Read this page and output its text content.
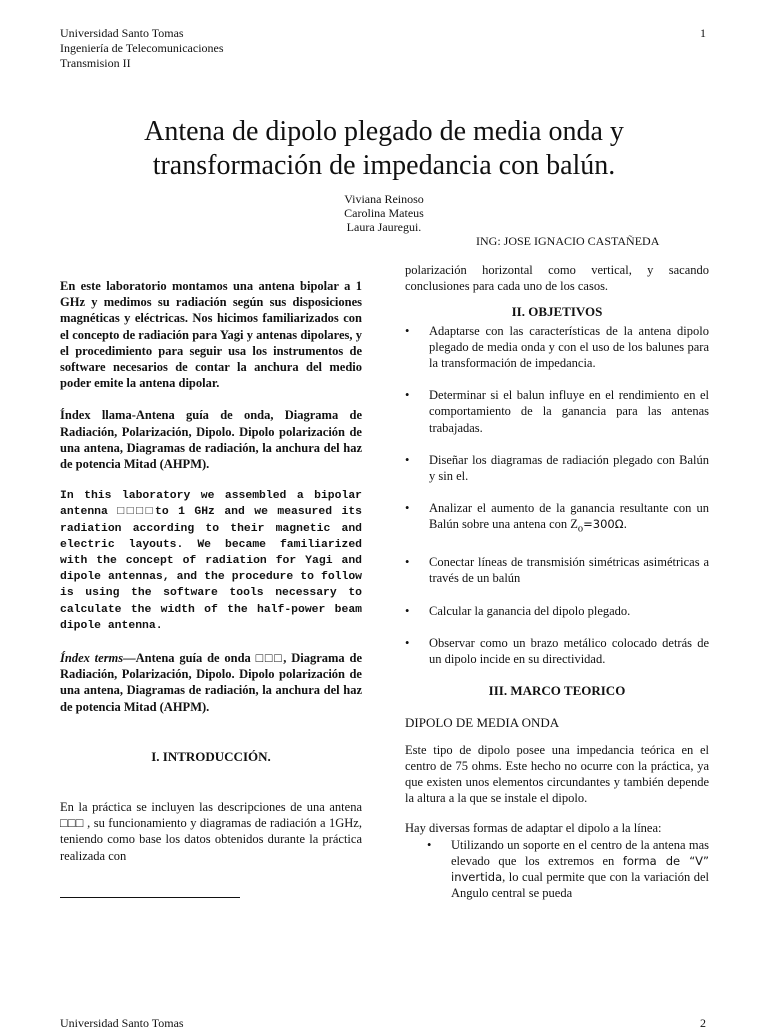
Universidad Santo Tomas
Ingeniería de Telecomunicaciones
Transmision II
1
Antena de dipolo plegado de media onda y
transformación de impedancia con balún.
Viviana Reinoso
Carolina Mateus
Laura Jauregui.
ING: JOSE IGNACIO CASTAÑEDA

En este laboratorio montamos una antena bipolar a 1 GHz y medimos su radiación según sus disposiciones magnéticas y eléctricas. Nos hicimos familiarizados con el concepto de radiación para Yagi y antenas dipolares, y el procedimiento para seguir usa los instrumentos de software necesarios de contar la anchura del medio poder emite la antena dipolar.

Índex llama-Antena guía de onda, Diagrama de Radiación, Polarización, Dipolo. Dipolo polarización de una antena, Diagramas de radiación, la anchura del haz de potencia Mitad (AHPM).

In this laboratory we assembled a bipolar antenna □□□□to 1 GHz and we measured its radiation according to their magnetic and electric layouts. We became familiarized with the concept of radiation for Yagi and dipole antennas, and the procedure to follow is using the software tools necessary to calculate the width of the half-power beam dipole antenna.

Índex terms—Antena guía de onda □□□, Diagrama de Radiación, Polarización, Dipolo. Dipolo polarización de una antena, Diagramas de radiación, la anchura del haz de potencia Mitad (AHPM).

I. INTRODUCCIÓN.

En la práctica se incluyen las descripciones de una antena □□□ , su funcionamiento y diagramas de radiación a 1GHz, teniendo como base los datos obtenidos durante la práctica realizada con

polarización horizontal como vertical, y sacando conclusiones para cada uno de los casos.

II. OBJETIVOS

• Adaptarse con las características de la antena dipolo plegado de media onda y con el uso de los balunes para la transformación de impedancia.
• Determinar si el balun influye en el rendimiento en el comportamiento de la ganancia para las antenas trabajadas.
• Diseñar los diagramas de radiación plegado con Balún y sin el.
• Analizar el aumento de la ganancia resultante con un Balún sobre una antena con $Z_o=300\Omega$.
• Conectar líneas de transmisión simétricas asimétricas a través de un balún
• Calcular la ganancia del dipolo plegado.
• Observar como un brazo metálico colocado detrás de un dipolo incide en su directividad.

III. MARCO TEORICO

DIPOLO DE MEDIA ONDA

Este tipo de dipolo posee una impedancia teórica en el centro de 75 ohms. Este hecho no ocurre con la práctica, ya que existen unos elementos circundantes y también depende la altura a la que se instale el dipolo.

Hay diversas formas de adaptar el dipolo a la línea:

• Utilizando un soporte en el centro de la antena mas elevado que los extremos en forma de “V” invertida, lo cual permite que con la variación del Angulo central se pueda
Universidad Santo Tomas	2
